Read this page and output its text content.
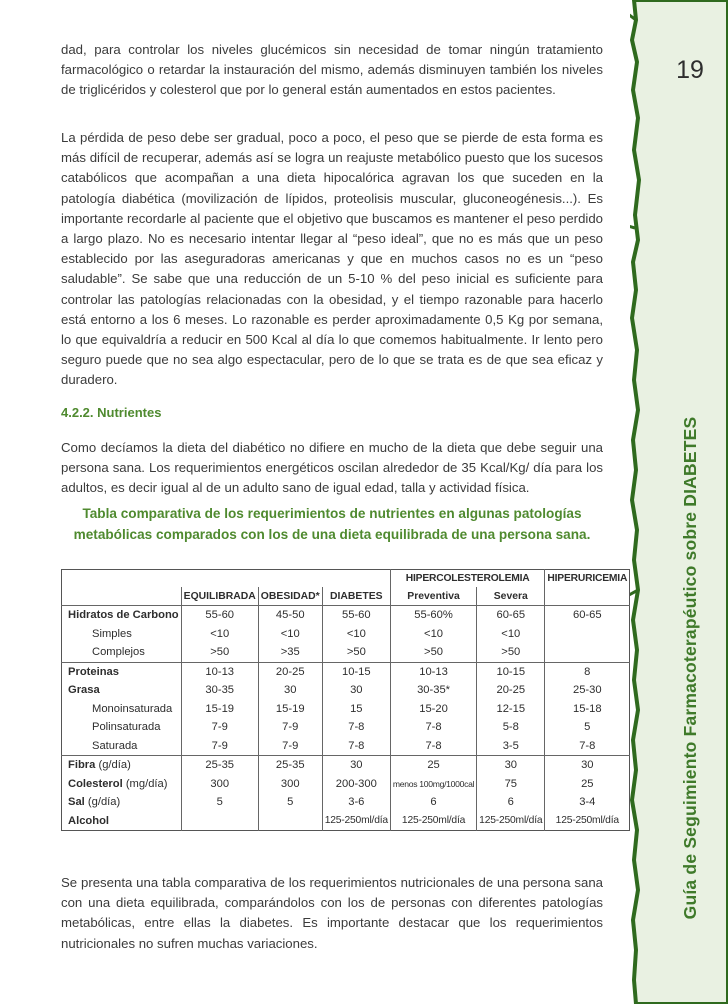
19
Guía de Seguimiento Farmacoterapéutico sobre DIABETES

dad, para controlar los niveles glucémicos sin necesidad de tomar ningún tratamiento farmacológico o retardar la instauración del mismo, además disminuyen también los niveles de triglicéridos y colesterol que por lo general están aumentados en estos pacientes.

La pérdida de peso debe ser gradual, poco a poco, el peso que se pierde de esta forma es más difícil de recuperar, además así se logra un reajuste metabólico puesto que los sucesos catabólicos que acompañan a una dieta hipocalórica agravan los que suceden en la patología diabética (movilización de lípidos, proteolisis muscular, gluconeogénesis...). Es importante recordarle al paciente que el objetivo que buscamos es mantener el peso perdido a largo plazo. No es necesario intentar llegar al “peso ideal”, que no es más que un peso establecido por las aseguradoras americanas y que en muchos casos no es un “peso saludable”. Se sabe que una reducción de un 5-10 % del peso inicial es suficiente para controlar las patologías relacionadas con la obesidad, y el tiempo razonable para hacerlo está entorno a los 6 meses. Lo razonable es perder aproximadamente 0,5 Kg por semana, lo que equivaldría a reducir en 500 Kcal al día lo que comemos habitualmente. Ir lento pero seguro puede que no sea algo espectacular, pero de lo que se trata es de que sea eficaz y duradero.

4.2.2. Nutrientes

Como decíamos la dieta del diabético no difiere en mucho de la dieta que debe seguir una persona sana. Los requerimientos energéticos oscilan alrededor de 35 Kcal/Kg/ día para los adultos, es decir igual al de un adulto sano de igual edad, talla y actividad física.

Tabla comparativa de los requerimientos de nutrientes en algunas patologías
metabólicas comparados con los de una dieta equilibrada de una persona sana.
				HIPERCOLESTEROLEMIA		HIPERURICEMIA
	EQUILIBRADA	OBESIDAD*	DIABETES	Preventiva	Severa	
Hidratos de Carbono	55-60	45-50	55-60	55-60%	60-65	60-65
Simples	<10	<10	<10	<10	<10	
Complejos	>50	>35	>50	>50	>50	
Proteinas	10-13	20-25	10-15	10-13	10-15	8
Grasa	30-35	30	30	30-35*	20-25	25-30
Monoinsaturada	15-19	15-19	15	15-20	12-15	15-18
Polinsaturada	7-9	7-9	7-8	7-8	5-8	5
Saturada	7-9	7-9	7-8	7-8	3-5	7-8
Fibra (g/día)	25-35	25-35	30	25	30	30
Colesterol (mg/día)	300	300	200-300	menos 100mg/1000cal	75	25
Sal (g/día)	5	5	3-6	6	6	3-4
Alcohol			125-250ml/día	125-250ml/día	125-250ml/día	125-250ml/día

Se presenta una tabla comparativa de los requerimientos nutricionales de una persona sana con una dieta equilibrada, comparándolos con los de personas con diferentes patologías metabólicas, entre ellas la diabetes. Es importante destacar que los requerimientos nutricionales no sufren muchas variaciones.
